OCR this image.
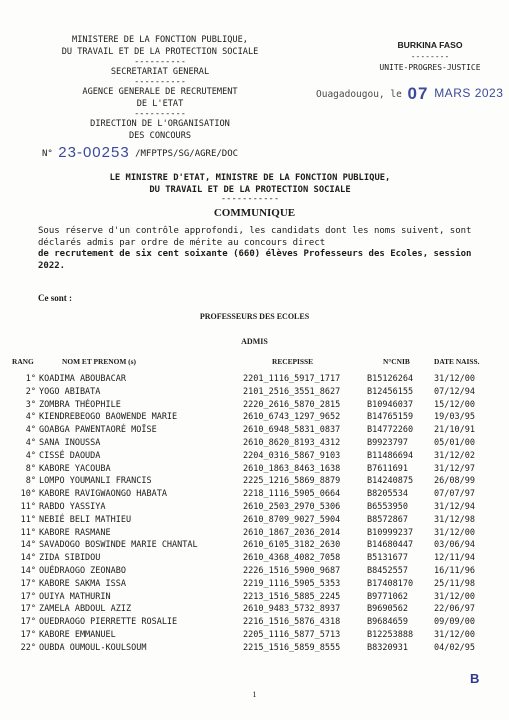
MINISTERE DE LA FONCTION PUBLIQUE,
DU TRAVAIL ET DE LA PROTECTION SOCIALE
----------
SECRETARIAT GENERAL
----------
AGENCE GENERALE DE RECRUTEMENT
DE L'ETAT
----------
DIRECTION DE L'ORGANISATION
DES CONCOURS
BURKINA FASO
--------
UNITE-PROGRES-JUSTICE
Ouagadougou, le 07 MARS 2023
N° 23-00253 /MFPTPS/SG/AGRE/DOC
LE MINISTRE D'ETAT, MINISTRE DE LA FONCTION PUBLIQUE,
DU TRAVAIL ET DE LA PROTECTION SOCIALE
-----------
COMMUNIQUE
Sous réserve d'un contrôle approfondi, les candidats dont les noms suivent, sont déclarés admis par ordre de mérite au concours direct
de recrutement de six cent soixante (660) élèves Professeurs des Ecoles, session 2022.
Ce sont :
PROFESSEURS DES ECOLES
ADMIS
RANG	NOM ET PRENOM (s)	RECEPISSE	N°CNIB	DATE NAISS.
1° KOADIMA ABOUBACAR	2201_1116_5917_1717	B15126264 31/12/00
2° YOGO ABIBATA	2101_2516_3551_8627	B12456155 07/12/94
3° ZOMBRA THÉOPHILE	2220_2616_5870_2815	B10946037 15/12/00
4° KIENDREBEOGO BAOWENDE MARIE	2610_6743_1297_9652	B14765159 19/03/95
4° GOABGA PAWENTAORÉ MOÏSE	2610_6948_5831_0837	B14772260 21/10/91
4° SANA INOUSSA	2610_8620_8193_4312	B9923797	05/01/00
4° CISSÉ DAOUDA	2204_0316_5867_9103	B11486694 31/12/02
8° KABORE YACOUBA	2610_1863_8463_1638	B7611691	31/12/97
8° LOMPO YOUMANLI FRANCIS	2225_1216_5869_8879	B14240875 26/08/99
10° KABORE RAVIGWAONGO HABATA	2218_1116_5905_0664	B8205534	07/07/97
11° RABDO YASSIYA	2610_2503_2970_5306	B6553950	31/12/94
11° NEBIÉ BELI MATHIEU	2610_8709_9027_5904	B8572867	31/12/98
11° KABORE RASMANE	2610_1867_2036_2014	B10999237 31/12/00
14° SAVADOGO BOSWINDE MARIE CHANTAL	2610_6105_3182_2630	B14680447 03/06/94
14° ZIDA SIBIDOU	2610_4368_4082_7058	B5131677	12/11/94
14° OUÉDRAOGO ZEONABO	2226_1516_5900_9687	B8452557	16/11/96
17° KABORE SAKMA ISSA	2219_1116_5905_5353	B17408170 25/11/98
17° OUIYA MATHURIN	2213_1516_5885_2245	B9771062	31/12/00
17° ZAMELA ABDOUL AZIZ	2610_9483_5732_8937	B9690562	22/06/97
17° OUEDRAOGO PIERRETTE ROSALIE	2216_1516_5876_4318	B9684659	09/09/00
17° KABORE EMMANUEL	2205_1116_5877_5713	B12253888 31/12/00
22° OUBDA OUMOUL-KOULSOUM	2215_1516_5859_8555	B8320931	04/02/95
1
B
